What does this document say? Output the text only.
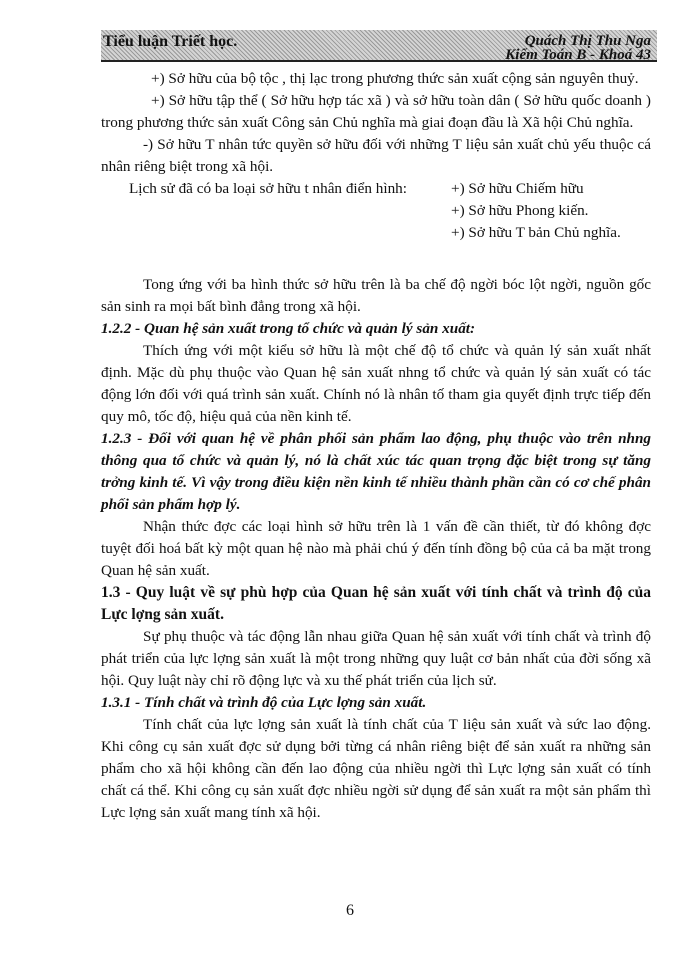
Tiểu luận Triết học.	Quách Thị Thu Nga
Kiểm Toán B - Khoá 43

+) Sở hữu của bộ tộc , thị lạc trong phương thức sản xuất cộng sản nguyên thuỷ.

+) Sở hữu tập thể ( Sở hữu hợp tác xã ) và sở hữu toàn dân ( Sở hữu quốc doanh ) trong phương thức sản xuất Công sản Chủ nghĩa mà giai đoạn đầu là Xã hội Chủ nghĩa.

-) Sở hữu T nhân tức quyền sở hữu đối với những T liệu sản xuất chủ yếu thuộc cá nhân riêng biệt trong xã hội.

Lịch sử đã có ba loại sở hữu t nhân điển hình:	+) Sở hữu Chiếm hữu
+) Sở hữu Phong kiến.
+) Sở hữu T bản Chủ nghĩa.

Tong ứng với ba hình thức sở hữu trên là ba chế độ ngời bóc lột ngời, nguồn gốc sản sinh ra mọi bất bình đẳng trong xã hội.

1.2.2 - Quan hệ sản xuất trong tổ chức và quản lý sản xuất:

Thích ứng với một kiểu sở hữu là một chế độ tổ chức và quản lý sản xuất nhất định. Mặc dù phụ thuộc vào Quan hệ sản xuất nhng tổ chức và quản lý sản xuất có tác động lớn đối với quá trình sản xuất. Chính nó là nhân tố tham gia quyết định trực tiếp đến quy mô, tốc độ, hiệu quả của nền kinh tế.

1.2.3 - Đối với quan hệ về phân phối sản phẩm lao động, phụ thuộc vào trên nhng thông qua tổ chức và quản lý, nó là chất xúc tác quan trọng đặc biệt trong sự tăng trởng kinh tế. Vì vậy trong điều kiện nền kinh tế nhiều thành phần cần có cơ chế phân phối sản phẩm hợp lý.

Nhận thức đợc các loại hình sở hữu trên là 1 vấn đề cần thiết, từ đó không đợc tuyệt đối hoá bất kỳ một quan hệ nào mà phải chú ý đến tính đồng bộ của cả ba mặt trong Quan hệ sản xuất.

1.3 - Quy luật về sự phù hợp của Quan hệ sản xuất với tính chất và trình độ của Lực lợng sản xuất.

Sự phụ thuộc và tác động lẫn nhau giữa Quan hệ sản xuất với tính chất và trình độ phát triển của lực lợng sản xuất là một trong những quy luật cơ bản nhất của đời sống xã hội. Quy luật này chỉ rõ động lực và xu thế phát triển của lịch sử.

1.3.1 - Tính chất và trình độ của Lực lợng sản xuất.

Tính chất của lực lợng sản xuất là tính chất của T liệu sản xuất và sức lao động. Khi công cụ sản xuất đợc sử dụng bởi từng cá nhân riêng biệt để sản xuất ra những sản phẩm cho xã hội không cần đến lao động của nhiều ngời thì Lực lợng sản xuất có tính chất cá thể. Khi công cụ sản xuất đợc nhiều ngời sử dụng để sản xuất ra một sản phẩm thì Lực lợng sản xuất mang tính xã hội.

6
